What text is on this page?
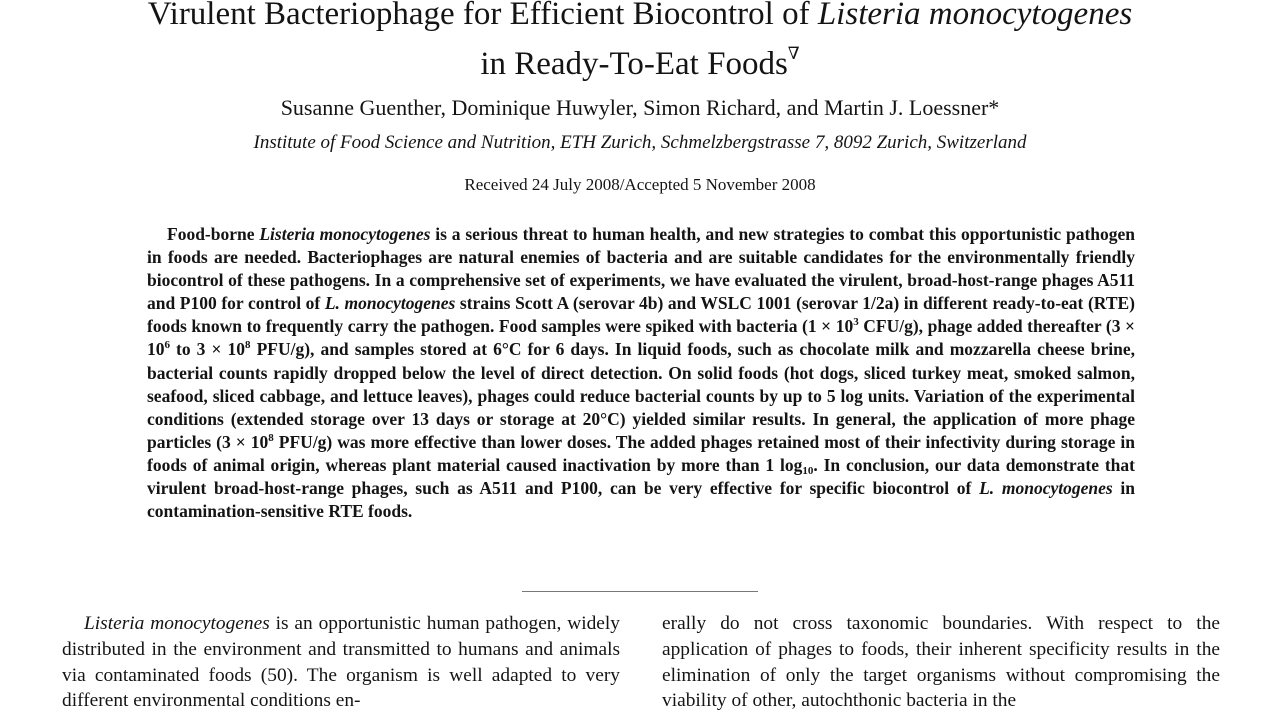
Virulent Bacteriophage for Efficient Biocontrol of Listeria monocytogenes
in Ready-To-Eat Foods∇

Susanne Guenther, Dominique Huwyler, Simon Richard, and Martin J. Loessner*

Institute of Food Science and Nutrition, ETH Zurich, Schmelzbergstrasse 7, 8092 Zurich, Switzerland

Received 24 July 2008/Accepted 5 November 2008

Food-borne Listeria monocytogenes is a serious threat to human health, and new strategies to combat this opportunistic pathogen in foods are needed. Bacteriophages are natural enemies of bacteria and are suitable candidates for the environmentally friendly biocontrol of these pathogens. In a comprehensive set of experiments, we have evaluated the virulent, broad-host-range phages A511 and P100 for control of L. monocytogenes strains Scott A (serovar 4b) and WSLC 1001 (serovar 1/2a) in different ready-to-eat (RTE) foods known to frequently carry the pathogen. Food samples were spiked with bacteria ($1 \times 10^3$ CFU/g), phage added thereafter ($3 \times 10^6$ to $3 \times 10^8$ PFU/g), and samples stored at 6°C for 6 days. In liquid foods, such as chocolate milk and mozzarella cheese brine, bacterial counts rapidly dropped below the level of direct detection. On solid foods (hot dogs, sliced turkey meat, smoked salmon, seafood, sliced cabbage, and lettuce leaves), phages could reduce bacterial counts by up to 5 log units. Variation of the experimental conditions (extended storage over 13 days or storage at 20°C) yielded similar results. In general, the application of more phage particles ($3 \times 10^8$ PFU/g) was more effective than lower doses. The added phages retained most of their infectivity during storage in foods of animal origin, whereas plant material caused inactivation by more than 1 $\log_{10}$. In conclusion, our data demonstrate that virulent broad-host-range phages, such as A511 and P100, can be very effective for specific biocontrol of L. monocytogenes in contamination-sensitive RTE foods.

Listeria monocytogenes is an opportunistic human pathogen, widely distributed in the environment and transmitted to humans and animals via contaminated foods (50). The organism is well adapted to very different environmental conditions en-

erally do not cross taxonomic boundaries. With respect to the application of phages to foods, their inherent specificity results in the elimination of only the target organisms without compromising the viability of other, autochthonic bacteria in the
